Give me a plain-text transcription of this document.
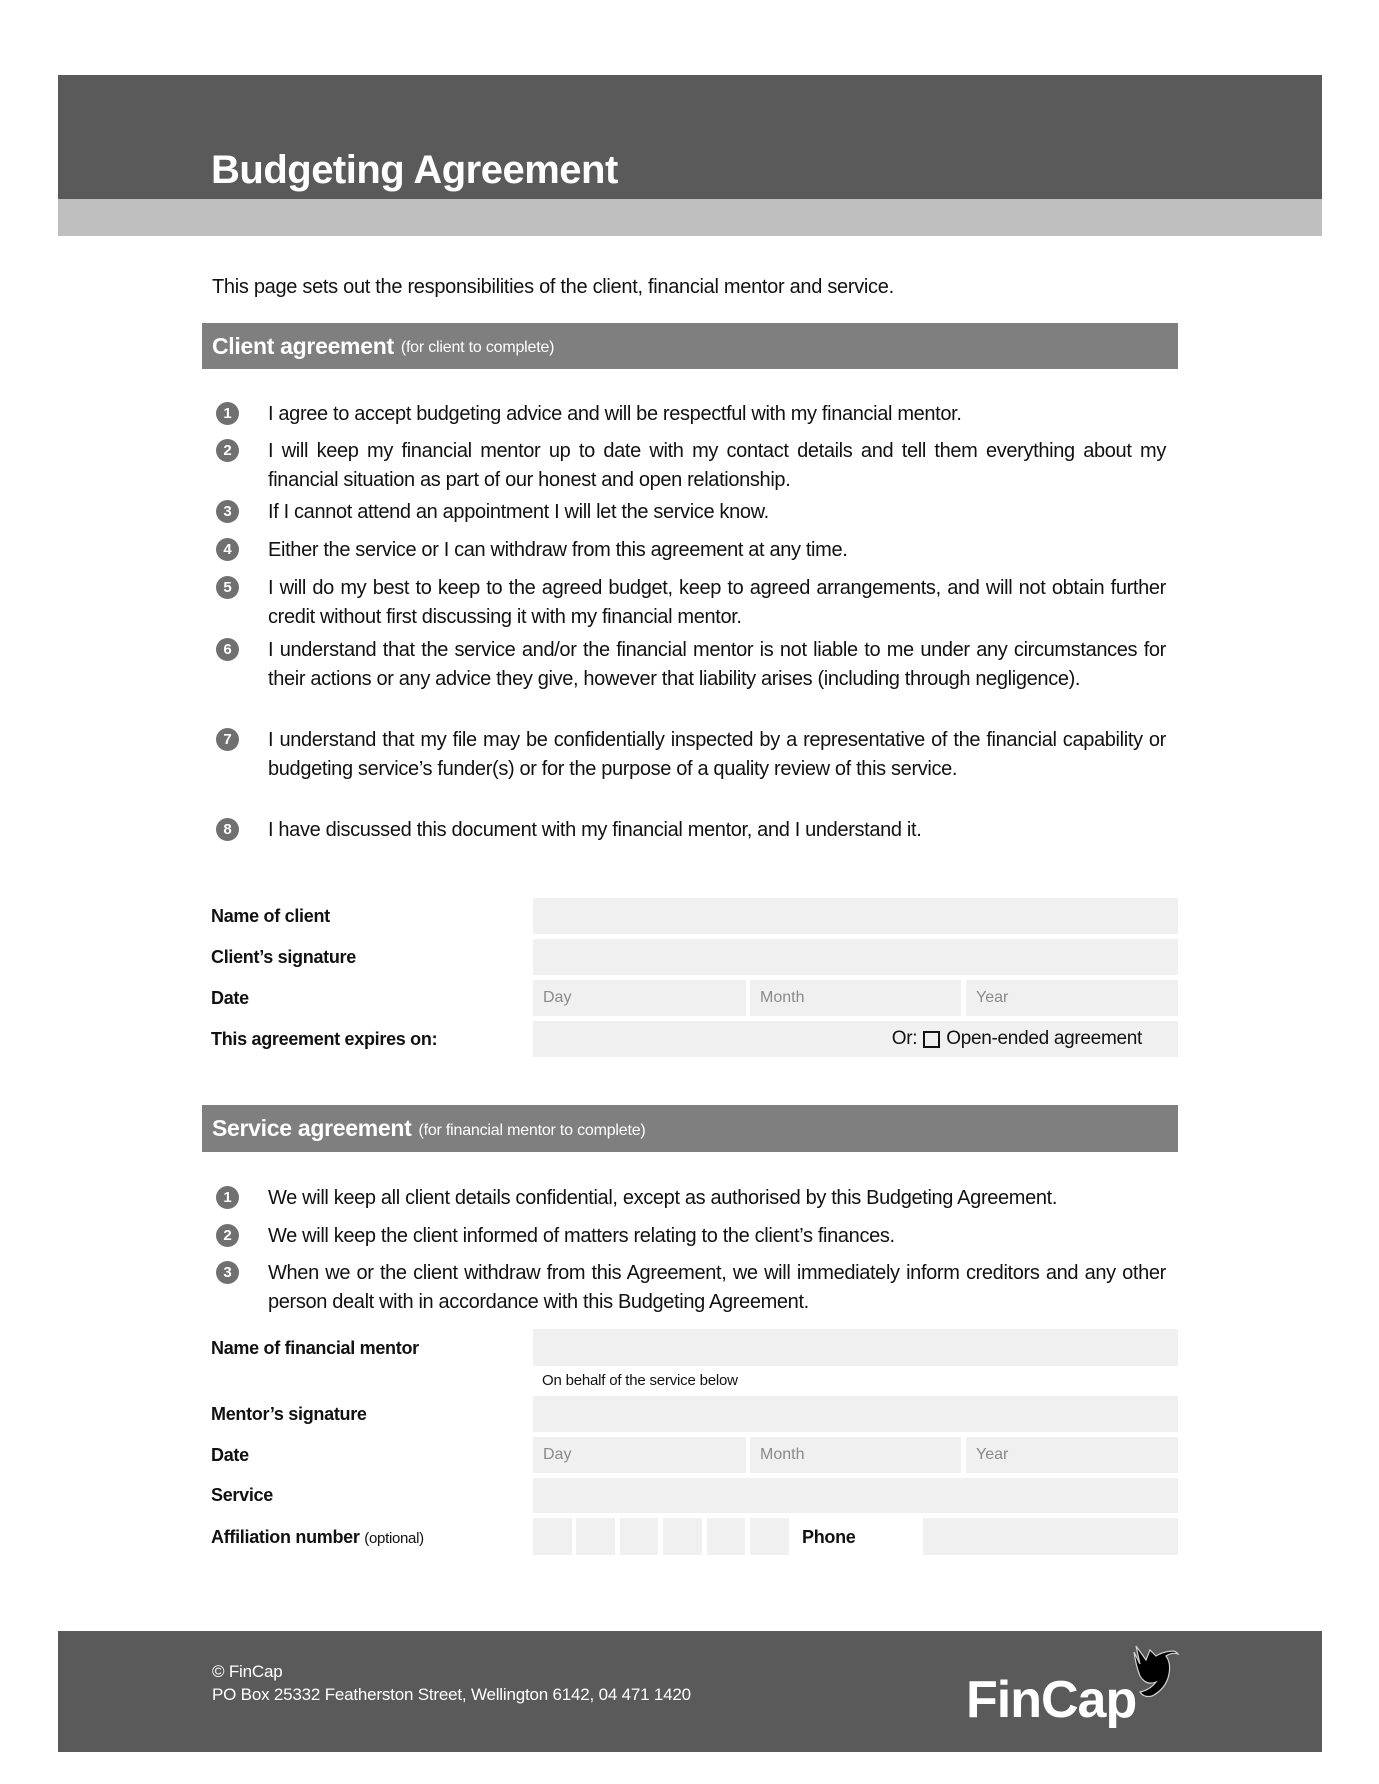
Budgeting Agreement

This page sets out the responsibilities of the client, financial mentor and service.

Client agreement (for client to complete)
1	I agree to accept budgeting advice and will be respectful with my financial mentor.
2	I will keep my financial mentor up to date with my contact details and tell them everything about my financial situation as part of our honest and open relationship.
3	If I cannot attend an appointment I will let the service know.
4	Either the service or I can withdraw from this agreement at any time.
5	I will do my best to keep to the agreed budget, keep to agreed arrangements, and will not obtain further credit without first discussing it with my financial mentor.
6	I understand that the service and/or the financial mentor is not liable to me under any circumstances for their actions or any advice they give, however that liability arises (including through negligence).
7	I understand that my file may be confidentially inspected by a representative of the financial capability or budgeting service’s funder(s) or for the purpose of a quality review of this service.
8	I have discussed this document with my financial mentor, and I understand it.
Name of client
Client’s signature
Date	Day	Month	Year
This agreement expires on:	Or: Open-ended agreement
Service agreement (for financial mentor to complete)
1	We will keep all client details confidential, except as authorised by this Budgeting Agreement.
2	We will keep the client informed of matters relating to the client’s finances.
3	When we or the client withdraw from this Agreement, we will immediately inform creditors and any other person dealt with in accordance with this Budgeting Agreement.
Name of financial mentor
On behalf of the service below
Mentor’s signature
Date	Day	Month	Year
Service
Affiliation number (optional)	Phone
© FinCap
PO Box 25332 Featherston Street, Wellington 6142, 04 471 1420	FinCap
